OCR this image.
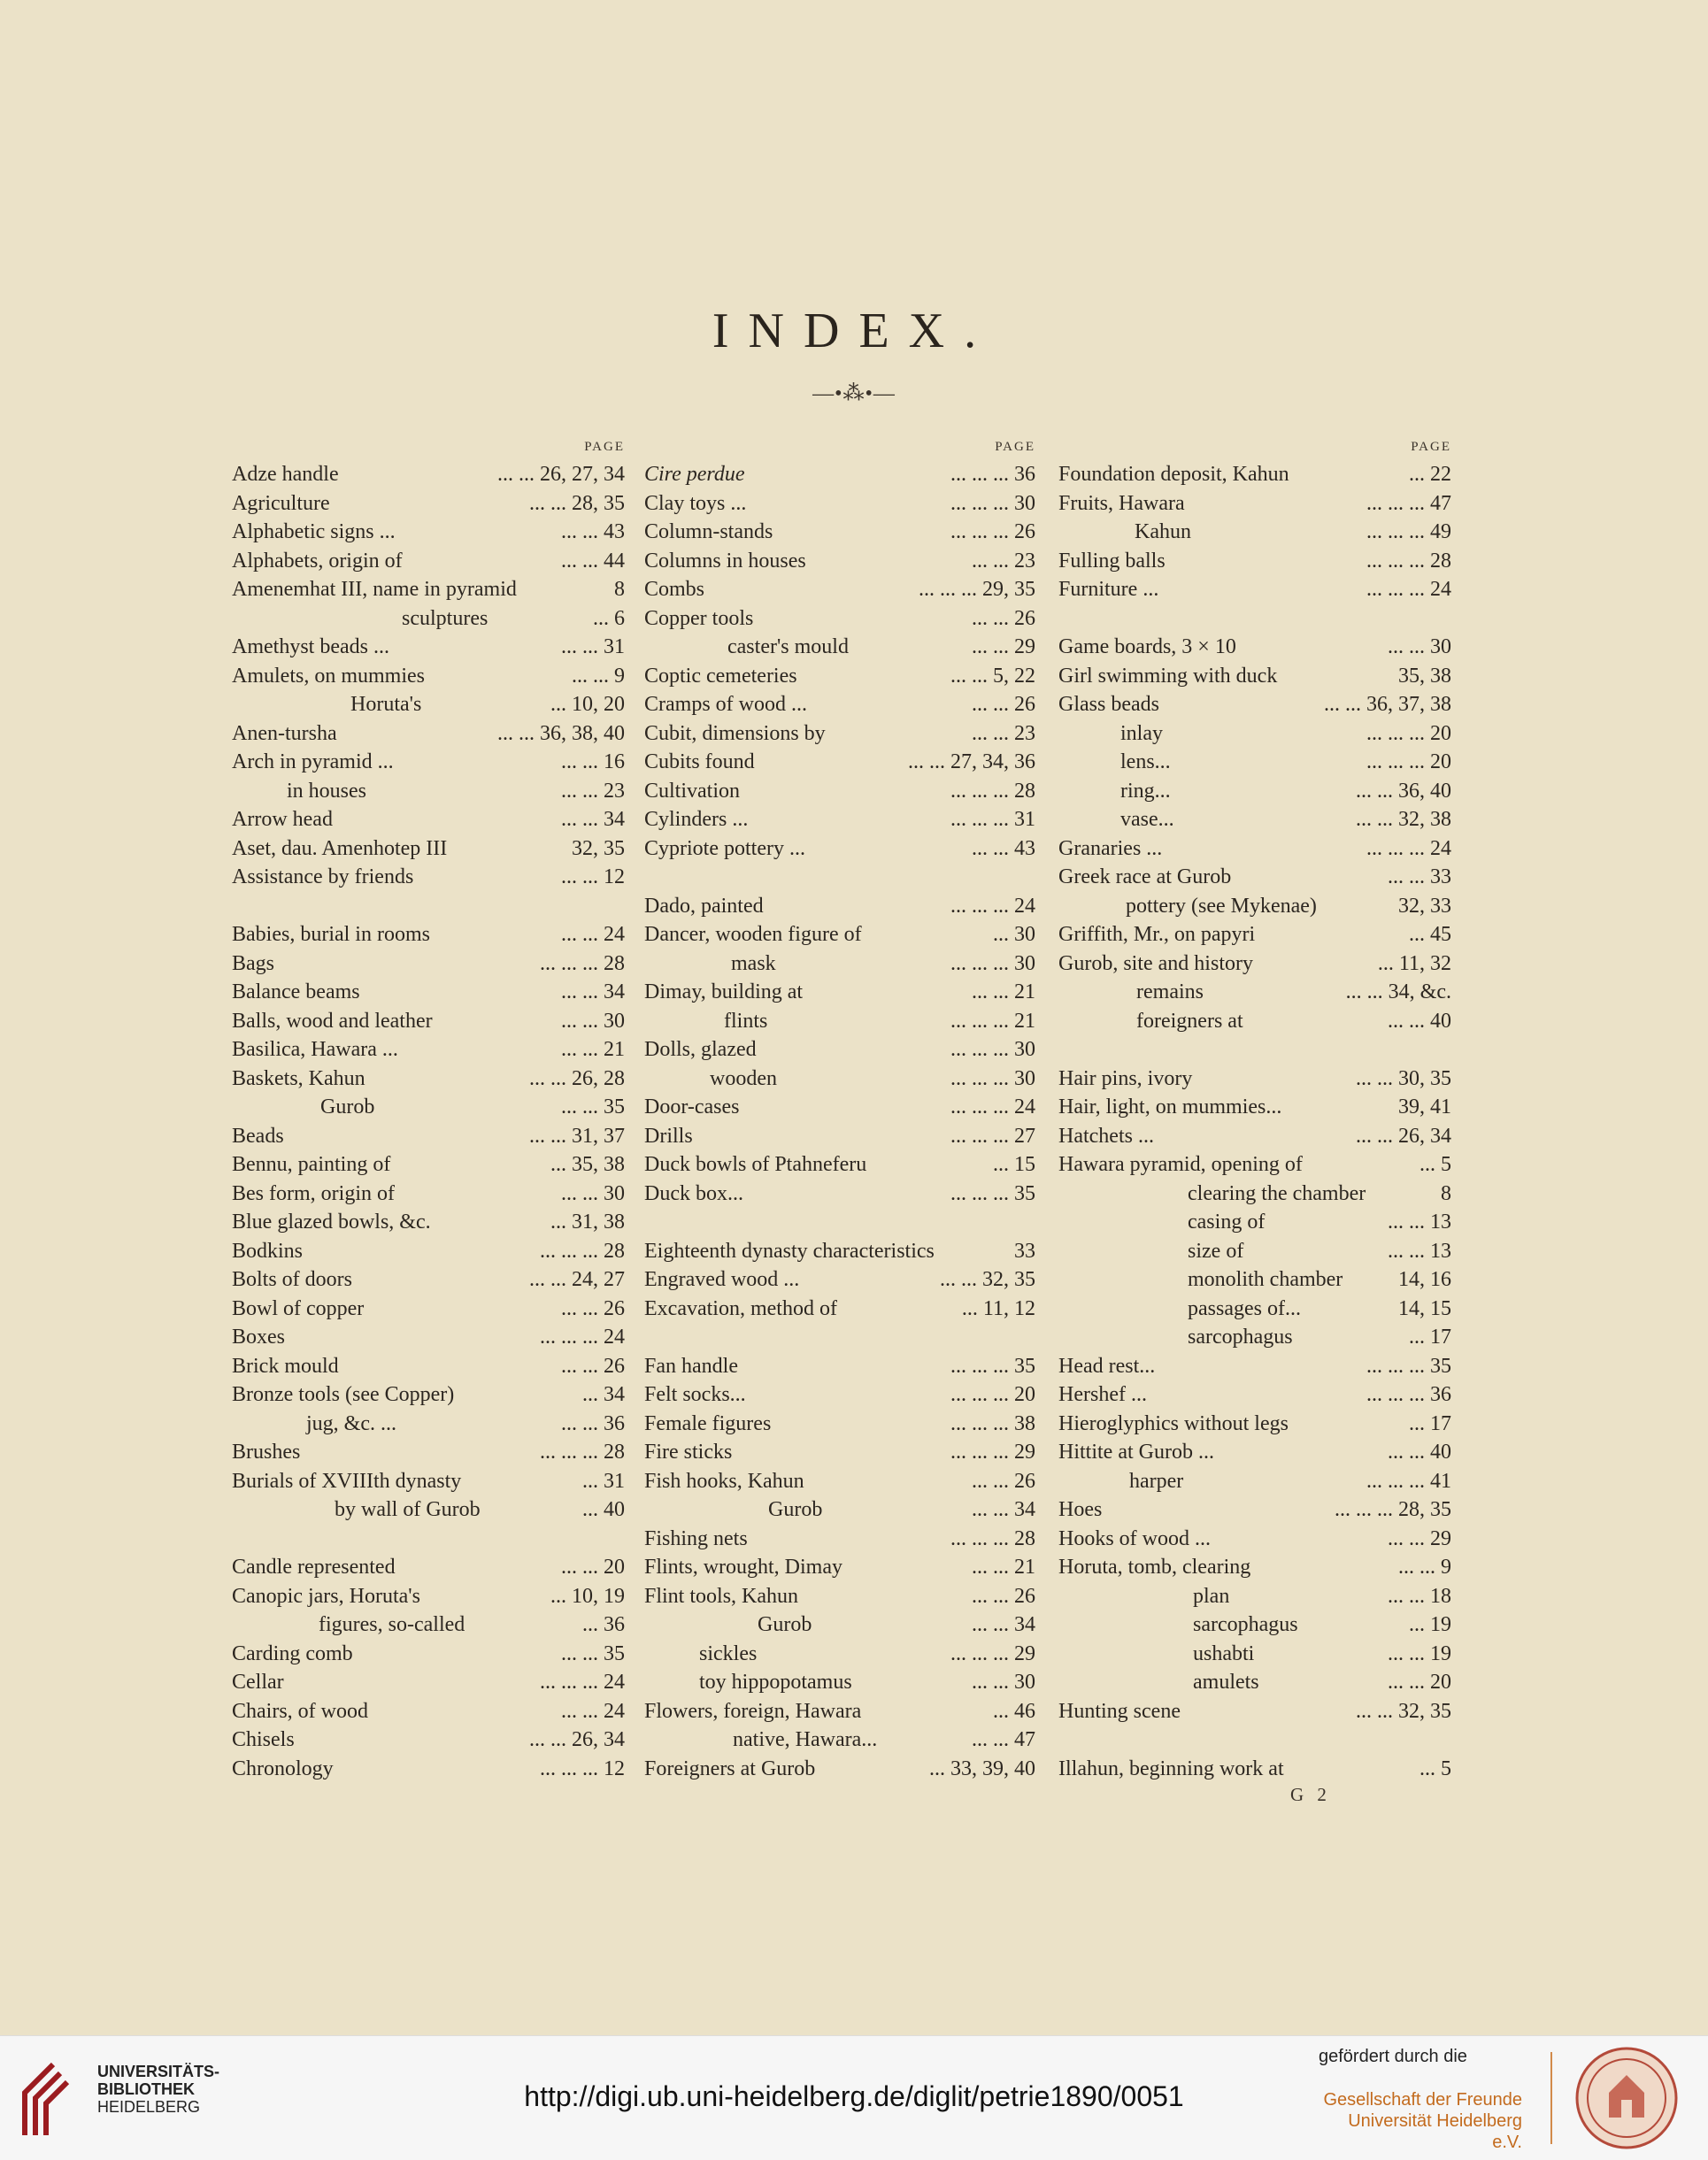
INDEX.
—•⁂•—
PAGE
Adze handle	... ... 26, 27, 34
Agriculture	... ... 28, 35
Alphabetic signs ...	... ... 43
Alphabets, origin of	... ... 44
Amenemhat III, name in pyramid	8
sculptures	... 6
Amethyst beads ...	... ... 31
Amulets, on mummies	... ... 9
Horuta's	... 10, 20
Anen-tursha	... ... 36, 38, 40
Arch in pyramid ...	... ... 16
in houses	... ... 23
Arrow head	... ... 34
Aset, dau. Amenhotep III	32, 35
Assistance by friends	... ... 12
Babies, burial in rooms	... ... 24
Bags	... ... ... 28
Balance beams	... ... 34
Balls, wood and leather	... ... 30
Basilica, Hawara ...	... ... 21
Baskets, Kahun	... ... 26, 28
Gurob	... ... 35
Beads	... ... 31, 37
Bennu, painting of	... 35, 38
Bes form, origin of	... ... 30
Blue glazed bowls, &c.	... 31, 38
Bodkins	... ... ... 28
Bolts of doors	... ... 24, 27
Bowl of copper	... ... 26
Boxes	... ... ... 24
Brick mould	... ... 26
Bronze tools (see Copper)	... 34
jug, &c. ...	... ... 36
Brushes	... ... ... 28
Burials of XVIIIth dynasty	... 31
by wall of Gurob	... 40
Candle represented	... ... 20
Canopic jars, Horuta's	... 10, 19
figures, so-called	... 36
Carding comb	... ... 35
Cellar	... ... ... 24
Chairs, of wood	... ... 24
Chisels	... ... 26, 34
Chronology	... ... ... 12
PAGE
Cire perdue	... ... ... 36
Clay toys ...	... ... ... 30
Column-stands	... ... ... 26
Columns in houses	... ... 23
Combs	... ... ... 29, 35
Copper tools	... ... 26
caster's mould	... ... 29
Coptic cemeteries	... ... 5, 22
Cramps of wood ...	... ... 26
Cubit, dimensions by	... ... 23
Cubits found	... ... 27, 34, 36
Cultivation	... ... ... 28
Cylinders ...	... ... ... 31
Cypriote pottery ...	... ... 43
Dado, painted	... ... ... 24
Dancer, wooden figure of	... 30
mask	... ... ... 30
Dimay, building at	... ... 21
flints	... ... ... 21
Dolls, glazed	... ... ... 30
wooden	... ... ... 30
Door-cases	... ... ... 24
Drills	... ... ... 27
Duck bowls of Ptahneferu	... 15
Duck box...	... ... ... 35
Eighteenth dynasty characteristics	33
Engraved wood ...	... ... 32, 35
Excavation, method of	... 11, 12
Fan handle	... ... ... 35
Felt socks...	... ... ... 20
Female figures	... ... ... 38
Fire sticks	... ... ... 29
Fish hooks, Kahun	... ... 26
Gurob	... ... 34
Fishing nets	... ... ... 28
Flints, wrought, Dimay	... ... 21
Flint tools, Kahun	... ... 26
Gurob	... ... 34
sickles	... ... ... 29
toy hippopotamus	... ... 30
Flowers, foreign, Hawara	... 46
native, Hawara...	... ... 47
Foreigners at Gurob	... 33, 39, 40
PAGE
Foundation deposit, Kahun	... 22
Fruits, Hawara	... ... ... 47
Kahun	... ... ... 49
Fulling balls	... ... ... 28
Furniture ...	... ... ... 24
Game boards, 3 × 10	... ... 30
Girl swimming with duck	35, 38
Glass beads	... ... 36, 37, 38
inlay	... ... ... 20
lens...	... ... ... 20
ring...	... ... 36, 40
vase...	... ... 32, 38
Granaries ...	... ... ... 24
Greek race at Gurob	... ... 33
pottery (see Mykenae)	32, 33
Griffith, Mr., on papyri	... 45
Gurob, site and history	... 11, 32
remains	... ... 34, &c.
foreigners at	... ... 40
Hair pins, ivory	... ... 30, 35
Hair, light, on mummies...	39, 41
Hatchets ...	... ... 26, 34
Hawara pyramid, opening of	... 5
clearing the chamber	8
casing of	... ... 13
size of	... ... 13
monolith chamber	14, 16
passages of...	14, 15
sarcophagus	... 17
Head rest...	... ... ... 35
Hershef ...	... ... ... 36
Hieroglyphics without legs	... 17
Hittite at Gurob ...	... ... 40
harper	... ... ... 41
Hoes	... ... ... 28, 35
Hooks of wood ...	... ... 29
Horuta, tomb, clearing	... ... 9
plan	... ... 18
sarcophagus	... 19
ushabti	... ... 19
amulets	... ... 20
Hunting scene	... ... 32, 35
Illahun, beginning work at	... 5
G 2
UNIVERSITÄTS-
BIBLIOTHEK
HEIDELBERG	http://digi.ub.uni-heidelberg.de/diglit/petrie1890/0051
gefördert durch die
Gesellschaft der Freunde
Universität Heidelberg e.V.
